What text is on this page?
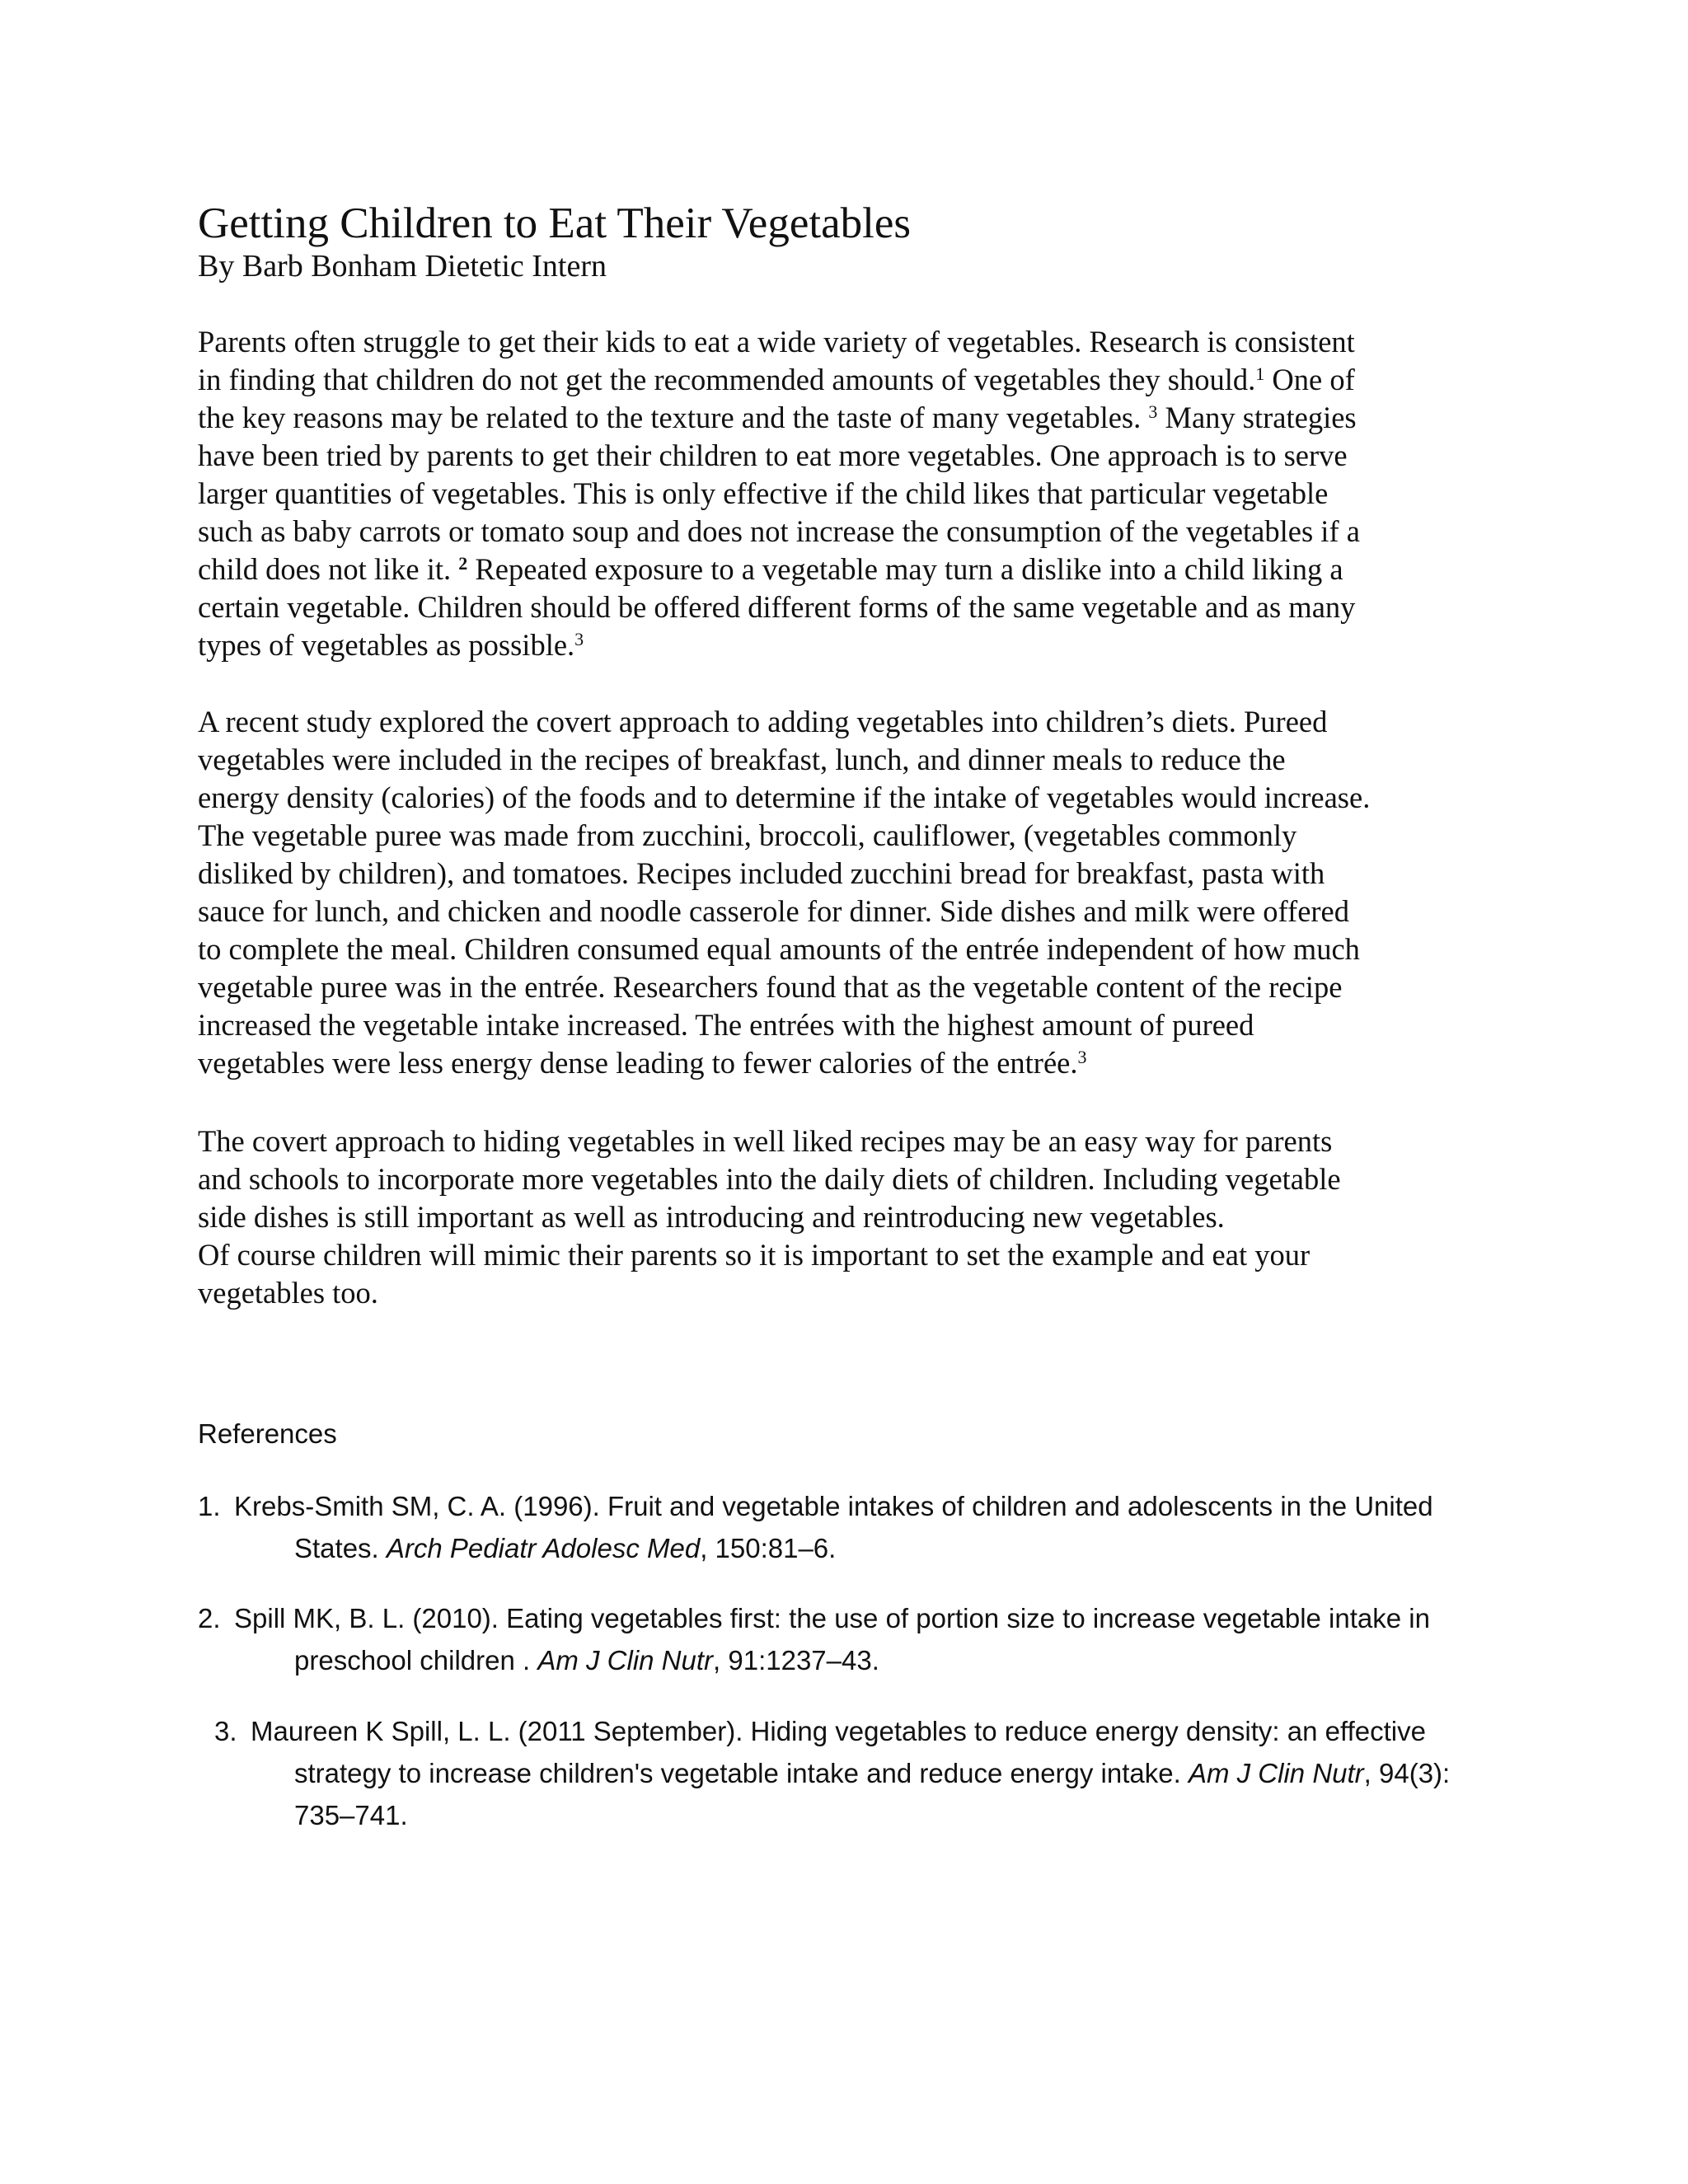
Getting Children to Eat Their Vegetables
By Barb Bonham Dietetic Intern
Parents often struggle to get their kids to eat a wide variety of vegetables. Research is consistent
in finding that children do not get the recommended amounts of vegetables they should.$^1$ One of
the key reasons may be related to the texture and the taste of many vegetables. $^3$ Many strategies
have been tried by parents to get their children to eat more vegetables. One approach is to serve
larger quantities of vegetables. This is only effective if the child likes that particular vegetable
such as baby carrots or tomato soup and does not increase the consumption of the vegetables if a
child does not like it. $^2$ Repeated exposure to a vegetable may turn a dislike into a child liking a
certain vegetable. Children should be offered different forms of the same vegetable and as many
types of vegetables as possible.$^3$
A recent study explored the covert approach to adding vegetables into children’s diets. Pureed
vegetables were included in the recipes of breakfast, lunch, and dinner meals to reduce the
energy density (calories) of the foods and to determine if the intake of vegetables would increase.
The vegetable puree was made from zucchini, broccoli, cauliflower, (vegetables commonly
disliked by children), and tomatoes. Recipes included zucchini bread for breakfast, pasta with
sauce for lunch, and chicken and noodle casserole for dinner. Side dishes and milk were offered
to complete the meal. Children consumed equal amounts of the entrée independent of how much
vegetable puree was in the entrée. Researchers found that as the vegetable content of the recipe
increased the vegetable intake increased. The entrées with the highest amount of pureed
vegetables were less energy dense leading to fewer calories of the entrée.$^3$
The covert approach to hiding vegetables in well liked recipes may be an easy way for parents
and schools to incorporate more vegetables into the daily diets of children. Including vegetable
side dishes is still important as well as introducing and reintroducing new vegetables.
Of course children will mimic their parents so it is important to set the example and eat your
vegetables too.
References
1. Krebs-Smith SM, C. A. (1996). Fruit and vegetable intakes of children and adolescents in the United
States. Arch Pediatr Adolesc Med, 150:81–6.
2. Spill MK, B. L. (2010). Eating vegetables first: the use of portion size to increase vegetable intake in
preschool children . Am J Clin Nutr, 91:1237–43.
3. Maureen K Spill, L. L. (2011 September). Hiding vegetables to reduce energy density: an effective
strategy to increase children's vegetable intake and reduce energy intake. Am J Clin Nutr, 94(3):
735–741.
